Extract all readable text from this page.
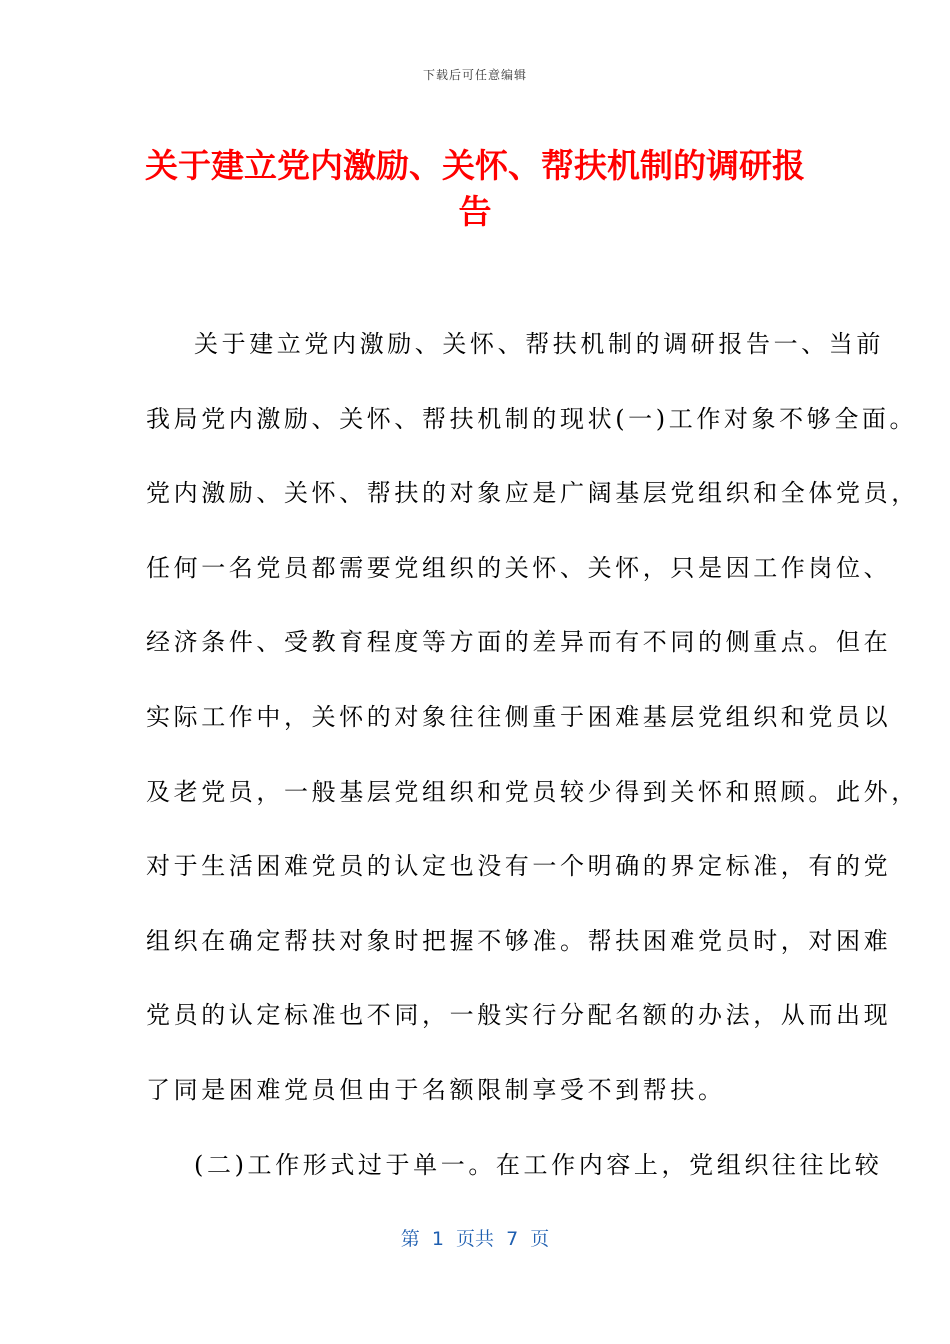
下载后可任意编辑
关于建立党内激励、关怀、帮扶机制的调研报告
关于建立党内激励、关怀、帮扶机制的调研报告一、当前
我局党内激励、关怀、帮扶机制的现状(一)工作对象不够全面。
党内激励、关怀、帮扶的对象应是广阔基层党组织和全体党员，
任何一名党员都需要党组织的关怀、关怀，只是因工作岗位、
经济条件、受教育程度等方面的差异而有不同的侧重点。但在
实际工作中，关怀的对象往往侧重于困难基层党组织和党员以
及老党员，一般基层党组织和党员较少得到关怀和照顾。此外，
对于生活困难党员的认定也没有一个明确的界定标准，有的党
组织在确定帮扶对象时把握不够准。帮扶困难党员时，对困难
党员的认定标准也不同，一般实行分配名额的办法，从而出现
了同是困难党员但由于名额限制享受不到帮扶。
(二)工作形式过于单一。在工作内容上，党组织往往比较
第  1  页共  7  页
